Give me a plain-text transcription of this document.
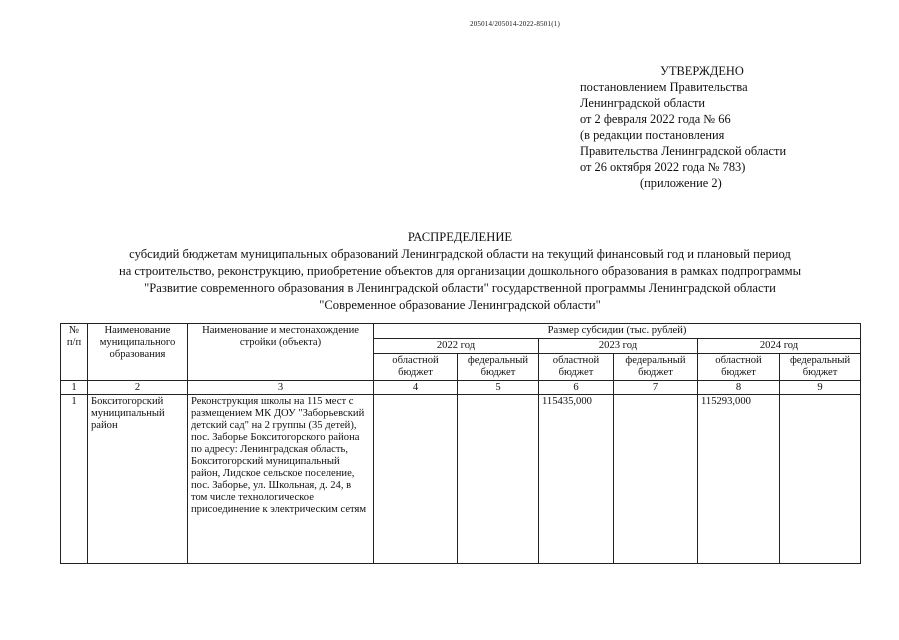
205014/205014-2022-8501(1)
УТВЕРЖДЕНО
постановлением Правительства
Ленинградской области
от 2 февраля 2022 года № 66
(в редакции постановления
Правительства Ленинградской области
от 26 октября 2022 года № 783)
(приложение 2)
РАСПРЕДЕЛЕНИЕ
субсидий бюджетам муниципальных образований Ленинградской области на текущий финансовый год и плановый период
на строительство, реконструкцию, приобретение объектов для организации дошкольного образования в рамках подпрограммы
"Развитие современного образования в Ленинградской области" государственной программы Ленинградской области
"Современное образование Ленинградской области"
№ п/п	Наименование муниципального образования	Наименование и местонахождение стройки (объекта)	Размер субсидии (тыс. рублей)					
			2022 год		2023 год		2024 год	
			областной бюджет	федеральный бюджет	областной бюджет	федеральный бюджет	областной бюджет	федеральный бюджет
1	2	3	4	5	6	7	8	9
1	Бокситогорский муниципальный район	Реконструкция школы на 115 мест с размещением МК ДОУ "Заборьевский детский сад" на 2 группы (35 детей), пос. Заборье Бокситогорского района по адресу: Ленинградская область, Бокситогорский муниципальный район, Лидское сельское поселение, пос. Заборье, ул. Школьная, д. 24, в том числе технологическое присоединение к электрическим сетям			115435,000		115293,000	
